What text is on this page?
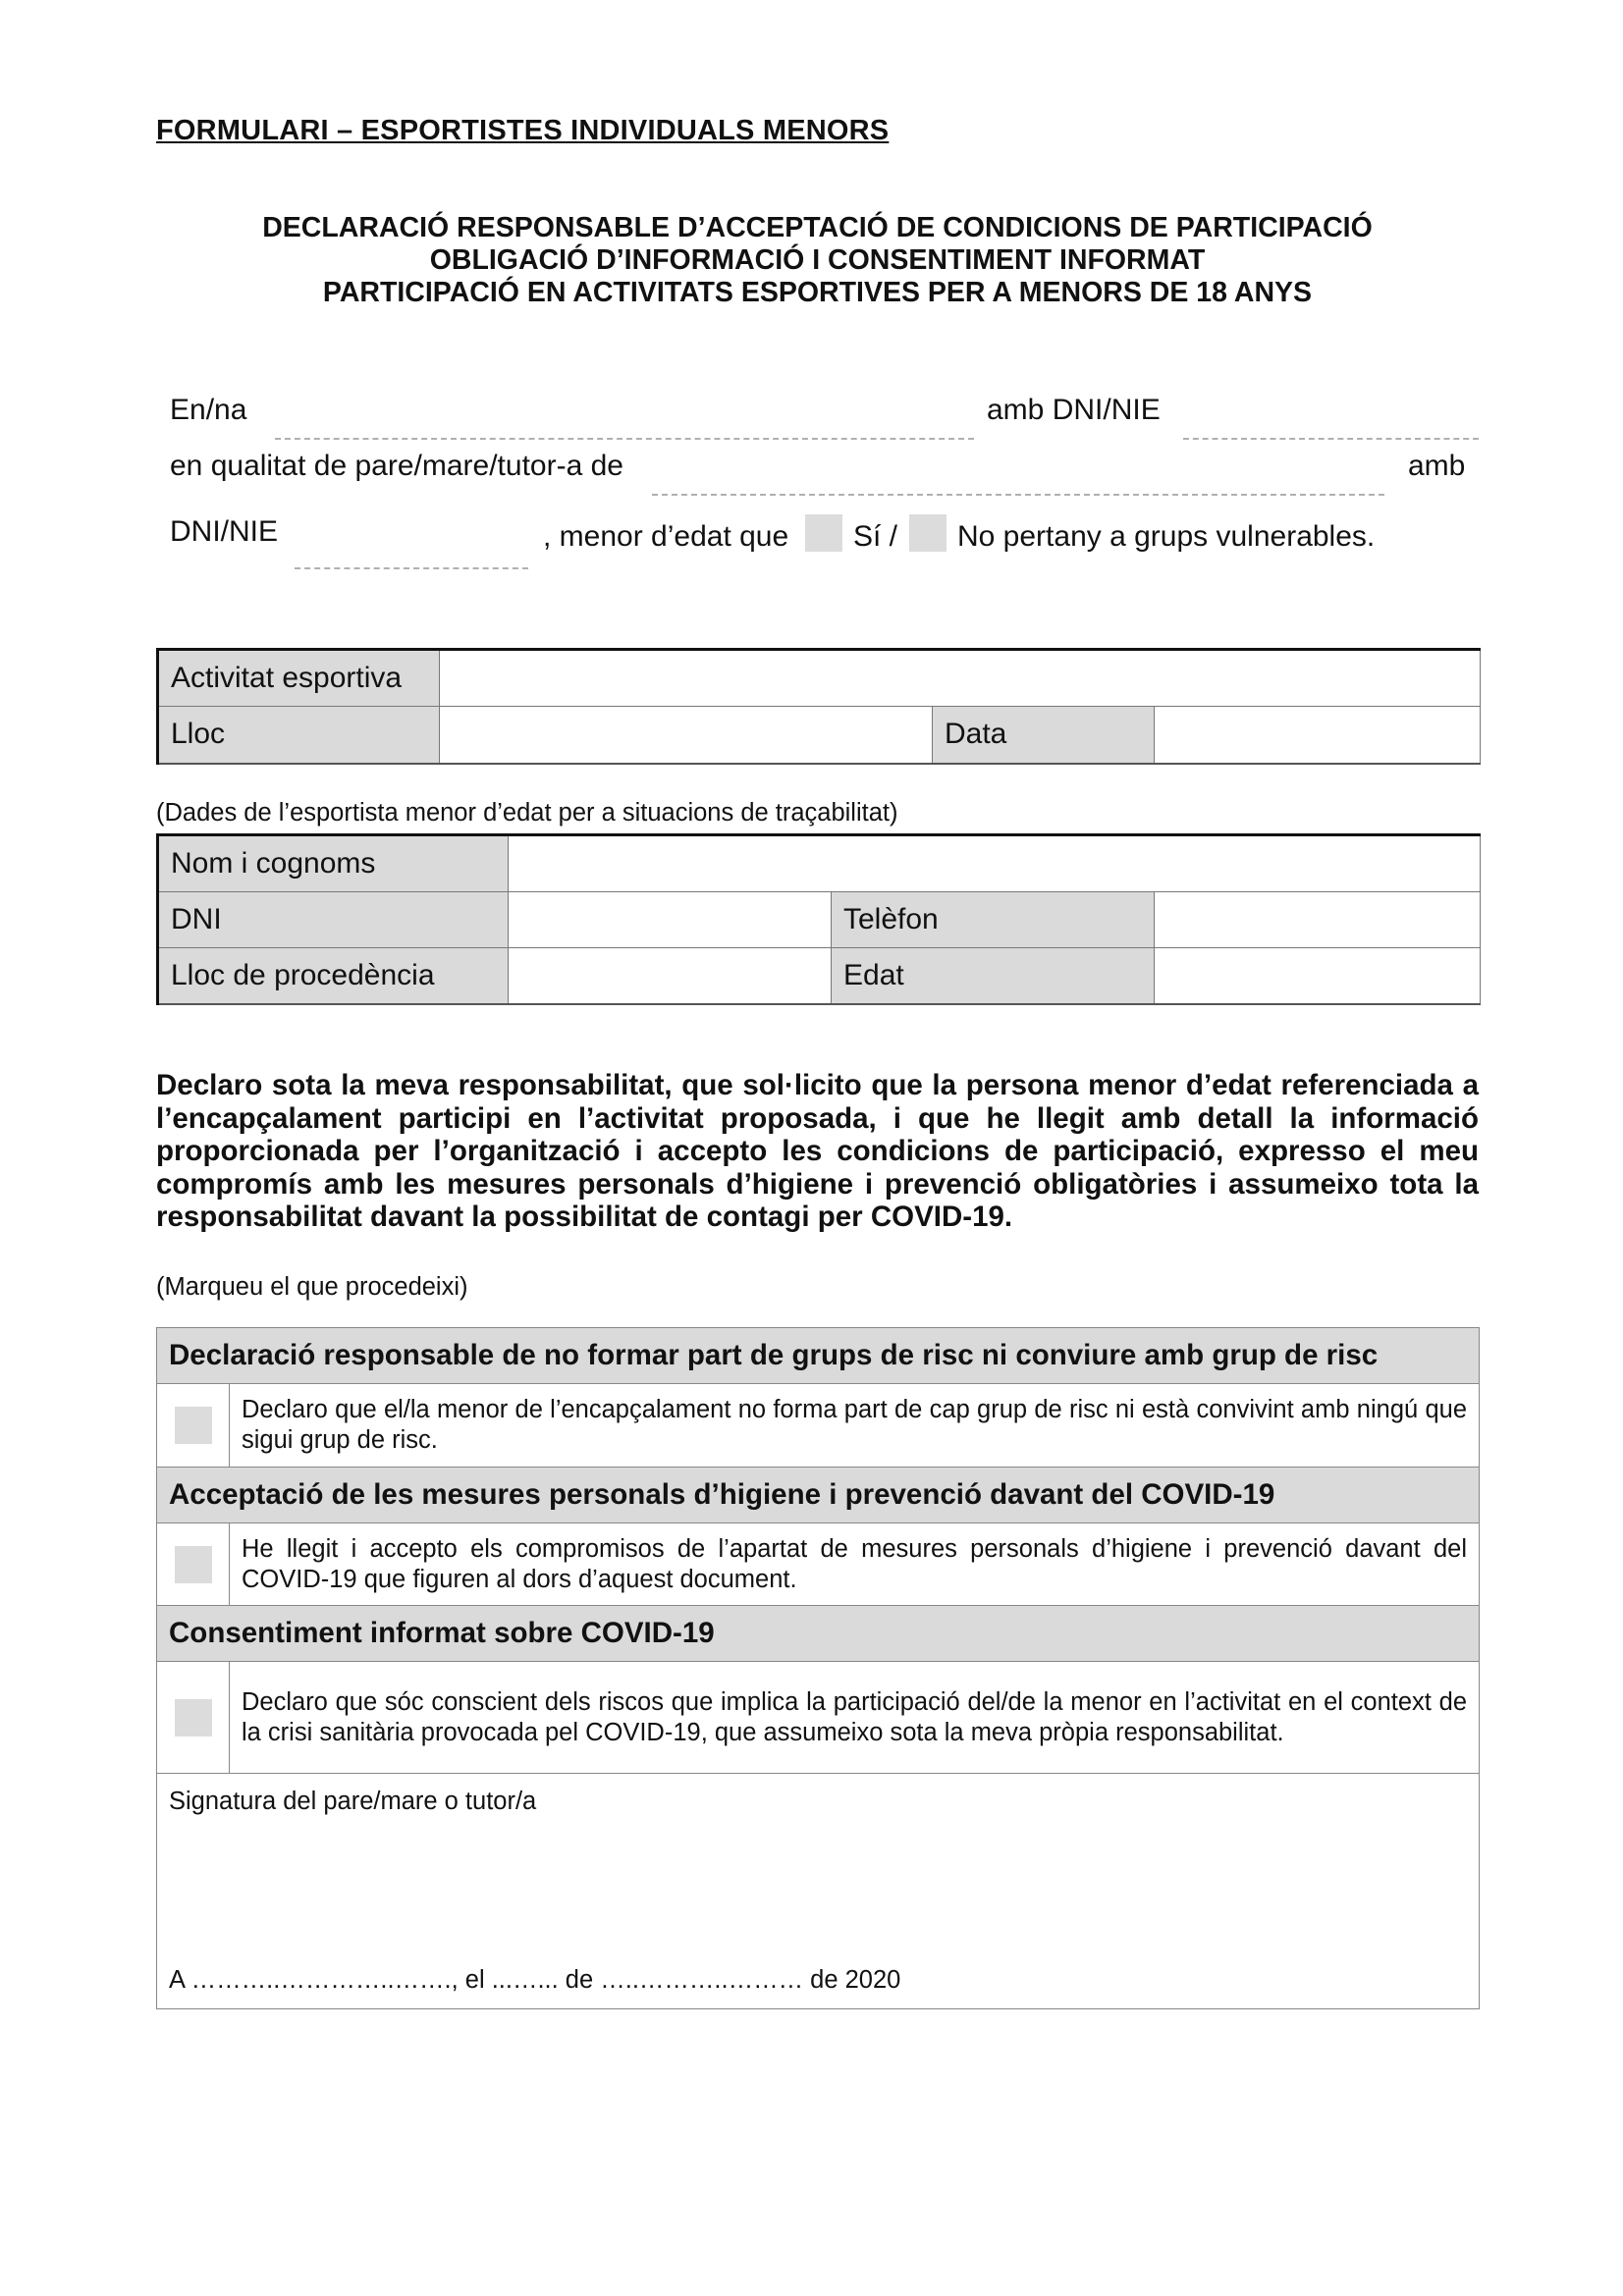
FORMULARI – ESPORTISTES INDIVIDUALS MENORS
DECLARACIÓ RESPONSABLE D’ACCEPTACIÓ DE CONDICIONS DE PARTICIPACIÓ
OBLIGACIÓ D’INFORMACIÓ I CONSENTIMENT INFORMAT
PARTICIPACIÓ EN ACTIVITATS ESPORTIVES PER A MENORS DE 18 ANYS
En/na	amb DNI/NIE
en qualitat de pare/mare/tutor-a de	amb
DNI/NIE	, menor d’edat que Sí / No pertany a grups vulnerables.
Activitat esportiva			
Lloc		Data	
(Dades de l’esportista menor d’edat per a situacions de traçabilitat)
Nom i cognoms			
DNI		Telèfon	
Lloc de procedència		Edat	
Declaro sota la meva responsabilitat, que sol·licito que la persona menor d’edat referenciada a l’encapçalament participi en l’activitat proposada, i que he llegit amb detall la informació proporcionada per l’organització i accepto les condicions de participació, expresso el meu compromís amb les mesures personals d’higiene i prevenció obligatòries i assumeixo tota la responsabilitat davant la possibilitat de contagi per COVID-19.
(Marqueu el que procedeixi)
Declaració responsable de no formar part de grups de risc ni conviure amb grup de risc	
	Declaro que el/la menor de l’encapçalament no forma part de cap grup de risc ni està convivint amb ningú que sigui grup de risc.
Acceptació de les mesures personals d’higiene i prevenció davant del COVID-19	
	He llegit i accepto els compromisos de l’apartat de mesures personals d’higiene i prevenció davant del COVID-19 que figuren al dors d’aquest document.
Consentiment informat sobre COVID-19	
	Declaro que sóc conscient dels riscos que implica la participació del/de la menor en l’activitat en el context de la crisi sanitària provocada pel COVID-19, que assumeixo sota la meva pròpia responsabilitat.

Signatura del pare/mare o tutor/a
A ………..…………..……., el ...…... de …..………..……… de 2020	
